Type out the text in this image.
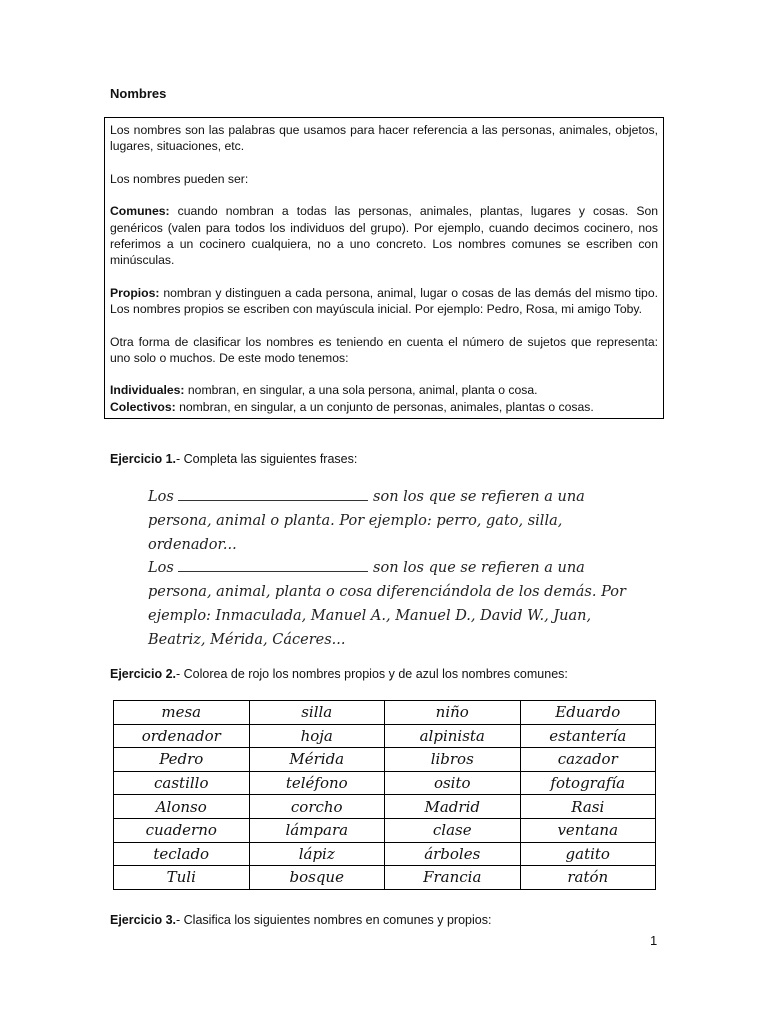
Nombres

Los nombres son las palabras que usamos para hacer referencia a las personas, animales, objetos, lugares, situaciones, etc.

Los nombres pueden ser:

Comunes: cuando nombran a todas las personas, animales, plantas, lugares y cosas. Son genéricos (valen para todos los individuos del grupo). Por ejemplo, cuando decimos cocinero, nos referimos a un cocinero cualquiera, no a uno concreto. Los nombres comunes se escriben con minúsculas.

Propios: nombran y distinguen a cada persona, animal, lugar o cosas de las demás del mismo tipo. Los nombres propios se escriben con mayúscula inicial. Por ejemplo: Pedro, Rosa, mi amigo Toby.

Otra forma de clasificar los nombres es teniendo en cuenta el número de sujetos que representa: uno solo o muchos. De este modo tenemos:

Individuales: nombran, en singular, a una sola persona, animal, planta o cosa.

Colectivos: nombran, en singular, a un conjunto de personas, animales, plantas o cosas.

Ejercicio 1.- Completa las siguientes frases:

Los	son los que se refieren a una persona, animal o planta. Por ejemplo: perro, gato, silla, ordenador...

Los	son los que se refieren a una persona, animal, planta o cosa diferenciándola de los demás. Por ejemplo: Inmaculada, Manuel A., Manuel D., David W., Juan, Beatriz, Mérida, Cáceres...

Ejercicio 2.- Colorea de rojo los nombres propios y de azul los nombres comunes:
mesa	silla	niño	Eduardo
ordenador	hoja	alpinista	estantería
Pedro	Mérida	libros	cazador
castillo	teléfono	osito	fotografía
Alonso	corcho	Madrid	Rasi
cuaderno	lámpara	clase	ventana
teclado	lápiz	árboles	gatito
Tuli	bosque	Francia	ratón
Ejercicio 3.- Clasifica los siguientes nombres en comunes y propios:
1
